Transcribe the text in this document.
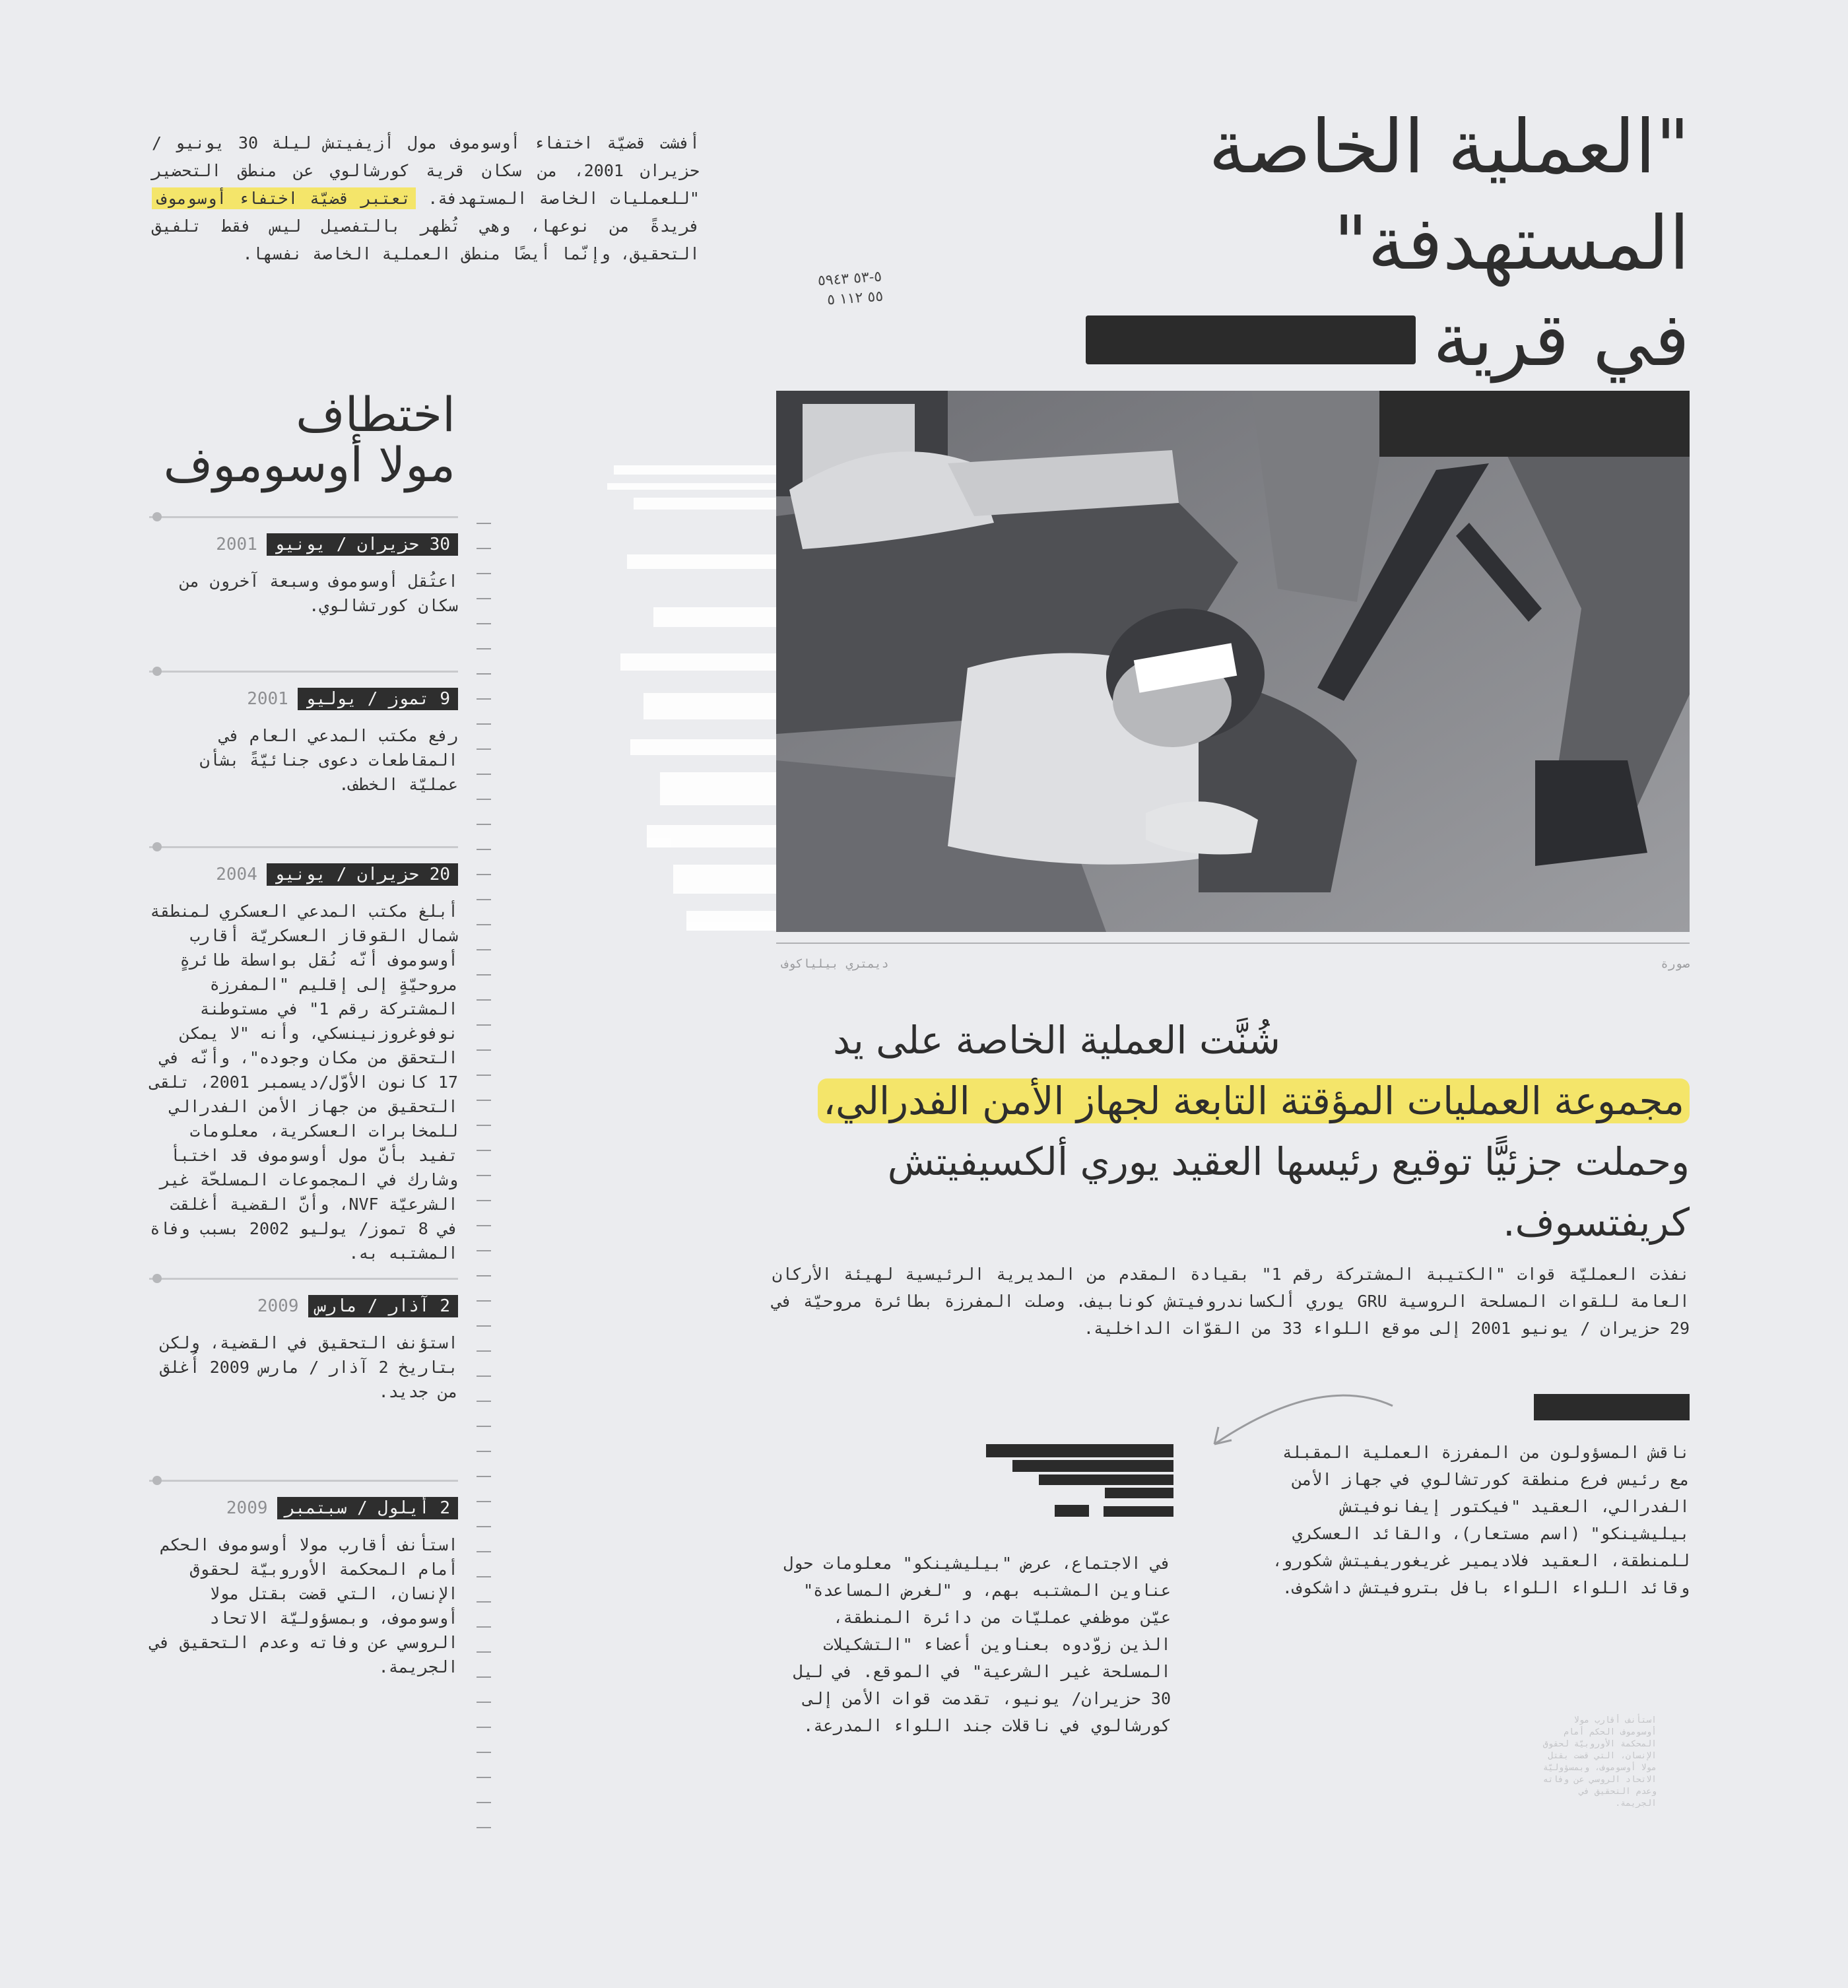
"العملية الخاصة المستهدفة"
في قرية
٥-٥٣ ٥٩٤٣
٥٥ ١١٢ ٥
أفشت قضيّة اختفاء أوسوموف مول أزيفيتش ليلة 30 يونيو / حزيران 2001، من سكان قرية كورشالوي عن منطق التحضير "للعمليات الخاصة المستهدفة. تعتبر قضيّة اختفاء أوسوموف فريدةً من نوعها، وهي تُظهر بالتفصيل ليس فقط تلفيق التحقيق، وإنّما أيضًا منطق العملية الخاصة نفسها.
اختطاف
مولا أوسوموف
30 حزيران / يونيو
2001
اعتُقل أوسوموف وسبعة آخرون من سكان كورتشالوي.
9 تموز / يوليو
2001
رفع مكتب المدعي العام في المقاطعات دعوى جنائيّةً بشأن عمليّة الخطف.
20 حزيران / يونيو
2004
أبلغ مكتب المدعي العسكري لمنطقة شمال القوقاز العسكريّة أقارب أوسوموف أنّه نُقل بواسطة طائرةٍ مروحيّةٍ إلى إقليم "المفرزة المشتركة رقم 1" في مستوطنة نوفوغروزنينسكي، وأنه "لا يمكن التحقق من مكان وجوده"، وأنّه في 17 كانون الأوّل/ديسمبر 2001، تلقى التحقيق من جهاز الأمن الفدرالي للمخابرات العسكرية، معلومات تفيد بأنَّ مول أوسوموف قد اختبأ وشارك في المجموعات المسلحّة غير الشرعيّة NVF، وأنَّ القضية أغلقت في 8 تموز/ يوليو 2002 بسبب وفاة المشتبه به.
2 آذار / مارس
2009
استؤنف التحقيق في القضية، ولكن بتاريخ 2 آذار / مارس 2009 أُغلق من جديد.
2 أيلول / سبتمبر
2009
استأنف أقارب مولا أوسوموف الحكم أمام المحكمة الأوروبيّة لحقوق الإنسان، التي قضت بقتل مولا أوسوموف، وبمسؤوليّة الاتحاد الروسي عن وفاته وعدم التحقيق في الجريمة.
صورة
ديمتري بيلياكوف
شُنَّت العملية الخاصة على يد
مجموعة العمليات المؤقتة التابعة لجهاز الأمن الفدرالي،
وحملت جزئيًّا توقيع رئيسها العقيد يوري ألكسيفيتش كريفتسوف.
نفذت العمليّة قوات "الكتيبة المشتركة رقم 1" بقيادة المقدم من المديرية الرئيسية لهيئة الأركان العامة للقوات المسلحة الروسية GRU يوري ألكساندروفيتش كونابيف. وصلت المفرزة بطائرة مروحيّة في 29 حزيران / يونيو 2001 إلى موقع اللواء 33 من القوّات الداخلية.
ناقش المسؤولون من المفرزة العملية المقبلة مع رئيس فرع منطقة كورتشالوي في جهاز الأمن الفدرالي، العقيد "فيكتور إيفانوفيتش بيليشينكو" (اسم مستعار)، والقائد العسكري للمنطقة، العقيد فلاديمير غريغوريفيتش شكورو، وقائد اللواء اللواء بافل بتروفيتش داشكوف.
في الاجتماع، عرض "بيليشينكو" معلومات حول عناوين المشتبه بهم، و "لغرض المساعدة" عيّن موظفي عمليّات من دائرة المنطقة، الذين زوّدوه بعناوين أعضاء "التشكيلات المسلحة غير الشرعية" في الموقع. في ليل 30 حزيران/ يونيو، تقدمت قوات الأمن إلى كورشالوي في ناقلات جند اللواء المدرعة.	استأنف أقارب مولا أوسوموف الحكم أمام المحكمة الأوروبيّة لحقوق الإنسان، التي قضت بقتل مولا أوسوموف، وبمسؤوليّة الاتحاد الروسي عن وفاته وعدم التحقيق في الجريمة.
